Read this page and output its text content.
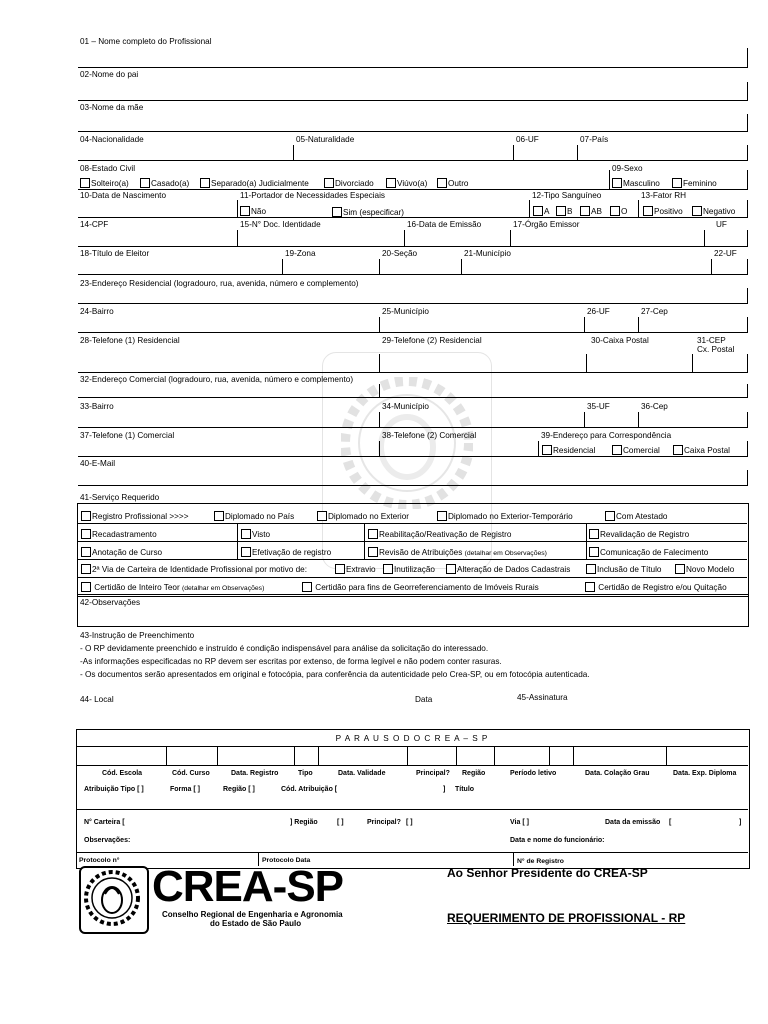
01 – Nome completo do Profissional
02-Nome do pai
03-Nome da mãe
04-Nacionalidade	05-Naturalidade	06-UF	07-País
08-Estado Civil	09-Sexo
Solteiro(a)	Casado(a)	Separado(a) Judicialmente	Divorciado	Viúvo(a)	Outro	Masculino	Feminino
10-Data de Nascimento	11-Portador de Necessidades Especiais	12-Tipo Sanguíneo	13-Fator RH
Não	Sim (especificar)	A	B	AB	O	Positivo	Negativo
14-CPF	15-N° Doc. Identidade	16-Data de Emissão	17-Órgão Emissor	UF
18-Título de Eleitor	19-Zona	20-Seção	21-Município	22-UF
23-Endereço Residencial (logradouro, rua, avenida, número e complemento)
24-Bairro	25-Município	26-UF	27-Cep
28-Telefone (1) Residencial	29-Telefone (2) Residencial	30-Caixa Postal	31-CEP
Cx. Postal
32-Endereço Comercial (logradouro, rua, avenida, número e complemento)
33-Bairro	34-Município	35-UF	36-Cep
37-Telefone (1) Comercial	38-Telefone (2) Comercial	39-Endereço para Correspondência
Residencial	Comercial	Caixa Postal
40-E-Mail
41-Serviço Requerido
Registro Profissional >>>>	Diplomado no País	Diplomado no Exterior	Diplomado no Exterior-Temporário	Com Atestado
Recadastramento	Visto	Reabilitação/Reativação de Registro	Revalidação de Registro
Anotação de Curso	Efetivação de registro	Revisão de Atribuições (detalhar em Observações)	Comunicação de Falecimento
2ª Via de Carteira de Identidade Profissional por motivo de:	Extravio	Inutilização	Alteração de Dados Cadastrais	Inclusão de Título	Novo Modelo
Certidão de Inteiro Teor (detalhar em Observações)	Certidão para fins de Georreferenciamento de Imóveis Rurais	Certidão de Registro e/ou Quitação
42-Observações
43-Instrução de Preenchimento
- O RP devidamente preenchido e instruído é condição indispensável para análise da solicitação do interessado.
-As informações especificadas no RP devem ser escritas por extenso, de forma legível e não podem conter rasuras.
- Os documentos serão apresentados em original e fotocópia, para conferência da autenticidade pelo Crea-SP, ou em fotocópia autenticada.
44- Local	Data	45-Assinatura
P A R A U S O D O C R E A – S P
Cód. Escola	Cód. Curso	Data. Registro	Tipo	Data. Validade	Principal? Região	Período letivo	Data. Colação Grau	Data. Exp. Diploma
Atribuição Tipo [ ]	Forma [ ]	Região [ ]	Cód. Atribuição [	] Título
N° Carteira [	] Região	[ ]	Principal? [ ]	Via [ ]	Data da emissão [	]
Observações:	Data e nome do funcionário:
Protocolo n°	Protocolo Data	N° de Registro
CREA-SP
Conselho Regional de Engenharia e Agronomia
do Estado de São Paulo
Ao Senhor Presidente do CREA-SP
REQUERIMENTO DE PROFISSIONAL - RP
